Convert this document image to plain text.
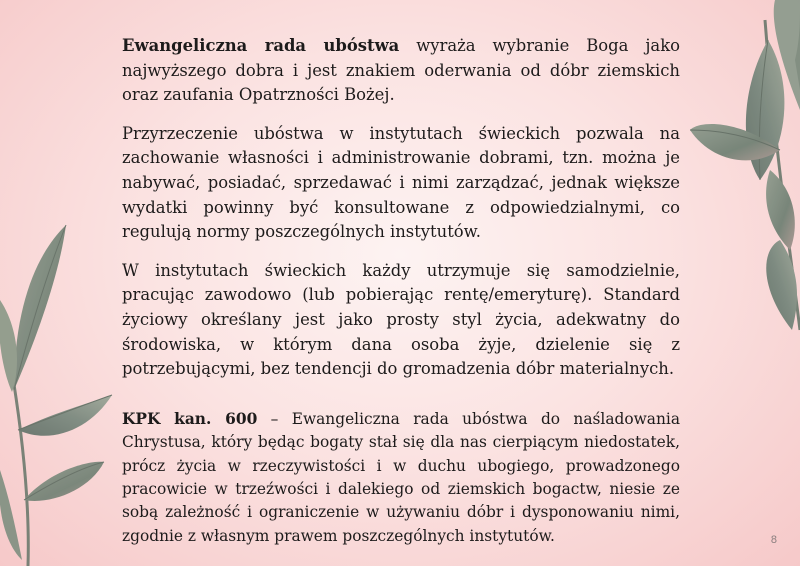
Ewangeliczna rada ubóstwa wyraża wybranie Boga jako najwyższego dobra i jest znakiem oderwania od dóbr ziemskich oraz zaufania Opatrzności Bożej.

Przyrzeczenie ubóstwa w instytutach świeckich pozwala na zachowanie własności i administrowanie dobrami, tzn. można je nabywać, posiadać, sprzedawać i nimi zarządzać, jednak większe wydatki powinny być konsultowane z odpowiedzialnymi, co regulują normy poszczególnych instytutów.

W instytutach świeckich każdy utrzymuje się samodzielnie, pracując zawodowo (lub pobierając rentę/emeryturę). Standard życiowy określany jest jako prosty styl życia, adekwatny do środowiska, w którym dana osoba żyje, dzielenie się z potrzebującymi, bez tendencji do gromadzenia dóbr materialnych.

KPK kan. 600 – Ewangeliczna rada ubóstwa do naśladowania Chrystusa, który będąc bogaty stał się dla nas cierpiącym niedostatek, prócz życia w rzeczywistości i w duchu ubogiego, prowadzonego pracowicie w trzeźwości i dalekiego od ziemskich bogactw, niesie ze sobą zależność i ograniczenie w używaniu dóbr i dysponowaniu nimi, zgodnie z własnym prawem poszczególnych instytutów.	8
